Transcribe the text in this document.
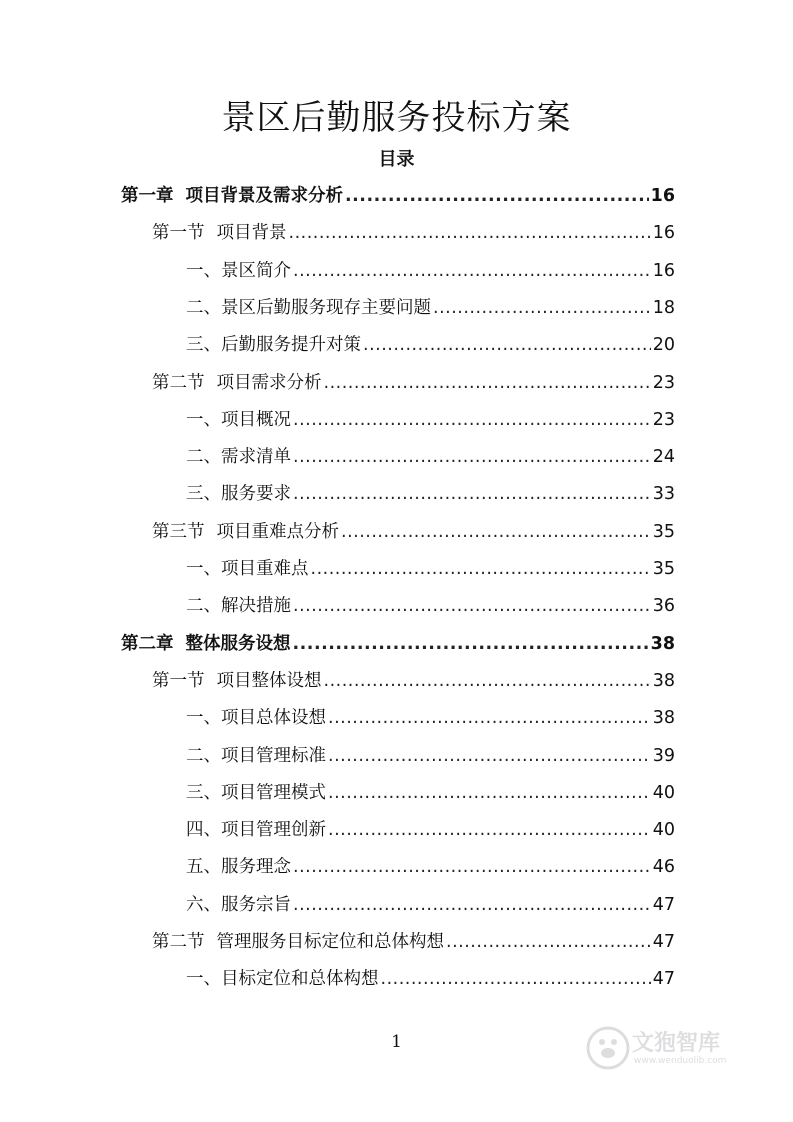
景区后勤服务投标方案
目录
第一章 项目背景及需求分析 .....	16
第一节 项目背景 .....	16
一、 景区简介 .....	16
二、 景区后勤服务现存主要问题 .....	18
三、 后勤服务提升对策 .....	20
第二节 项目需求分析 .....	23
一、 项目概况 .....	23
二、 需求清单 .....	24
三、 服务要求 .....	33
第三节 项目重难点分析 .....	35
一、 项目重难点 .....	35
二、 解决措施 .....	36
第二章 整体服务设想 .....	38
第一节 项目整体设想 .....	38
一、 项目总体设想 .....	38
二、 项目管理标准 .....	39
三、 项目管理模式 .....	40
四、 项目管理创新 .....	40
五、 服务理念 .....	46
六、 服务宗旨 .....	47
第二节 管理服务目标定位和总体构想 .....	47
一、 目标定位和总体构想 .....	47
1	文狍智库
www.wenduolib.com
